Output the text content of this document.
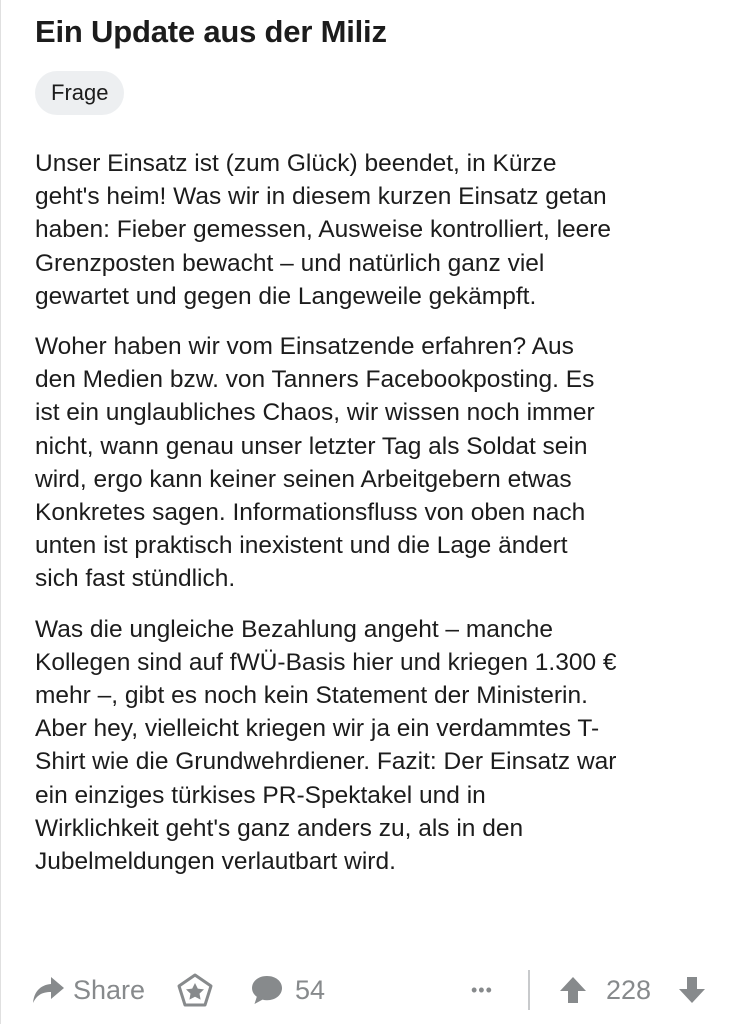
Ein Update aus der Miliz
Frage

Unser Einsatz ist (zum Glück) beendet, in Kürze
geht's heim! Was wir in diesem kurzen Einsatz getan
haben: Fieber gemessen, Ausweise kontrolliert, leere
Grenzposten bewacht – und natürlich ganz viel
gewartet und gegen die Langeweile gekämpft.

Woher haben wir vom Einsatzende erfahren? Aus
den Medien bzw. von Tanners Facebookposting. Es
ist ein unglaubliches Chaos, wir wissen noch immer
nicht, wann genau unser letzter Tag als Soldat sein
wird, ergo kann keiner seinen Arbeitgebern etwas
Konkretes sagen. Informationsfluss von oben nach
unten ist praktisch inexistent und die Lage ändert
sich fast stündlich.

Was die ungleiche Bezahlung angeht – manche
Kollegen sind auf fWÜ-Basis hier und kriegen 1.300 €
mehr –, gibt es noch kein Statement der Ministerin.
Aber hey, vielleicht kriegen wir ja ein verdammtes T-
Shirt wie die Grundwehrdiener. Fazit: Der Einsatz war
ein einziges türkises PR-Spektakel und in
Wirklichkeit geht's ganz anders zu, als in den
Jubelmeldungen verlautbart wird.

Share	54	•••	228
